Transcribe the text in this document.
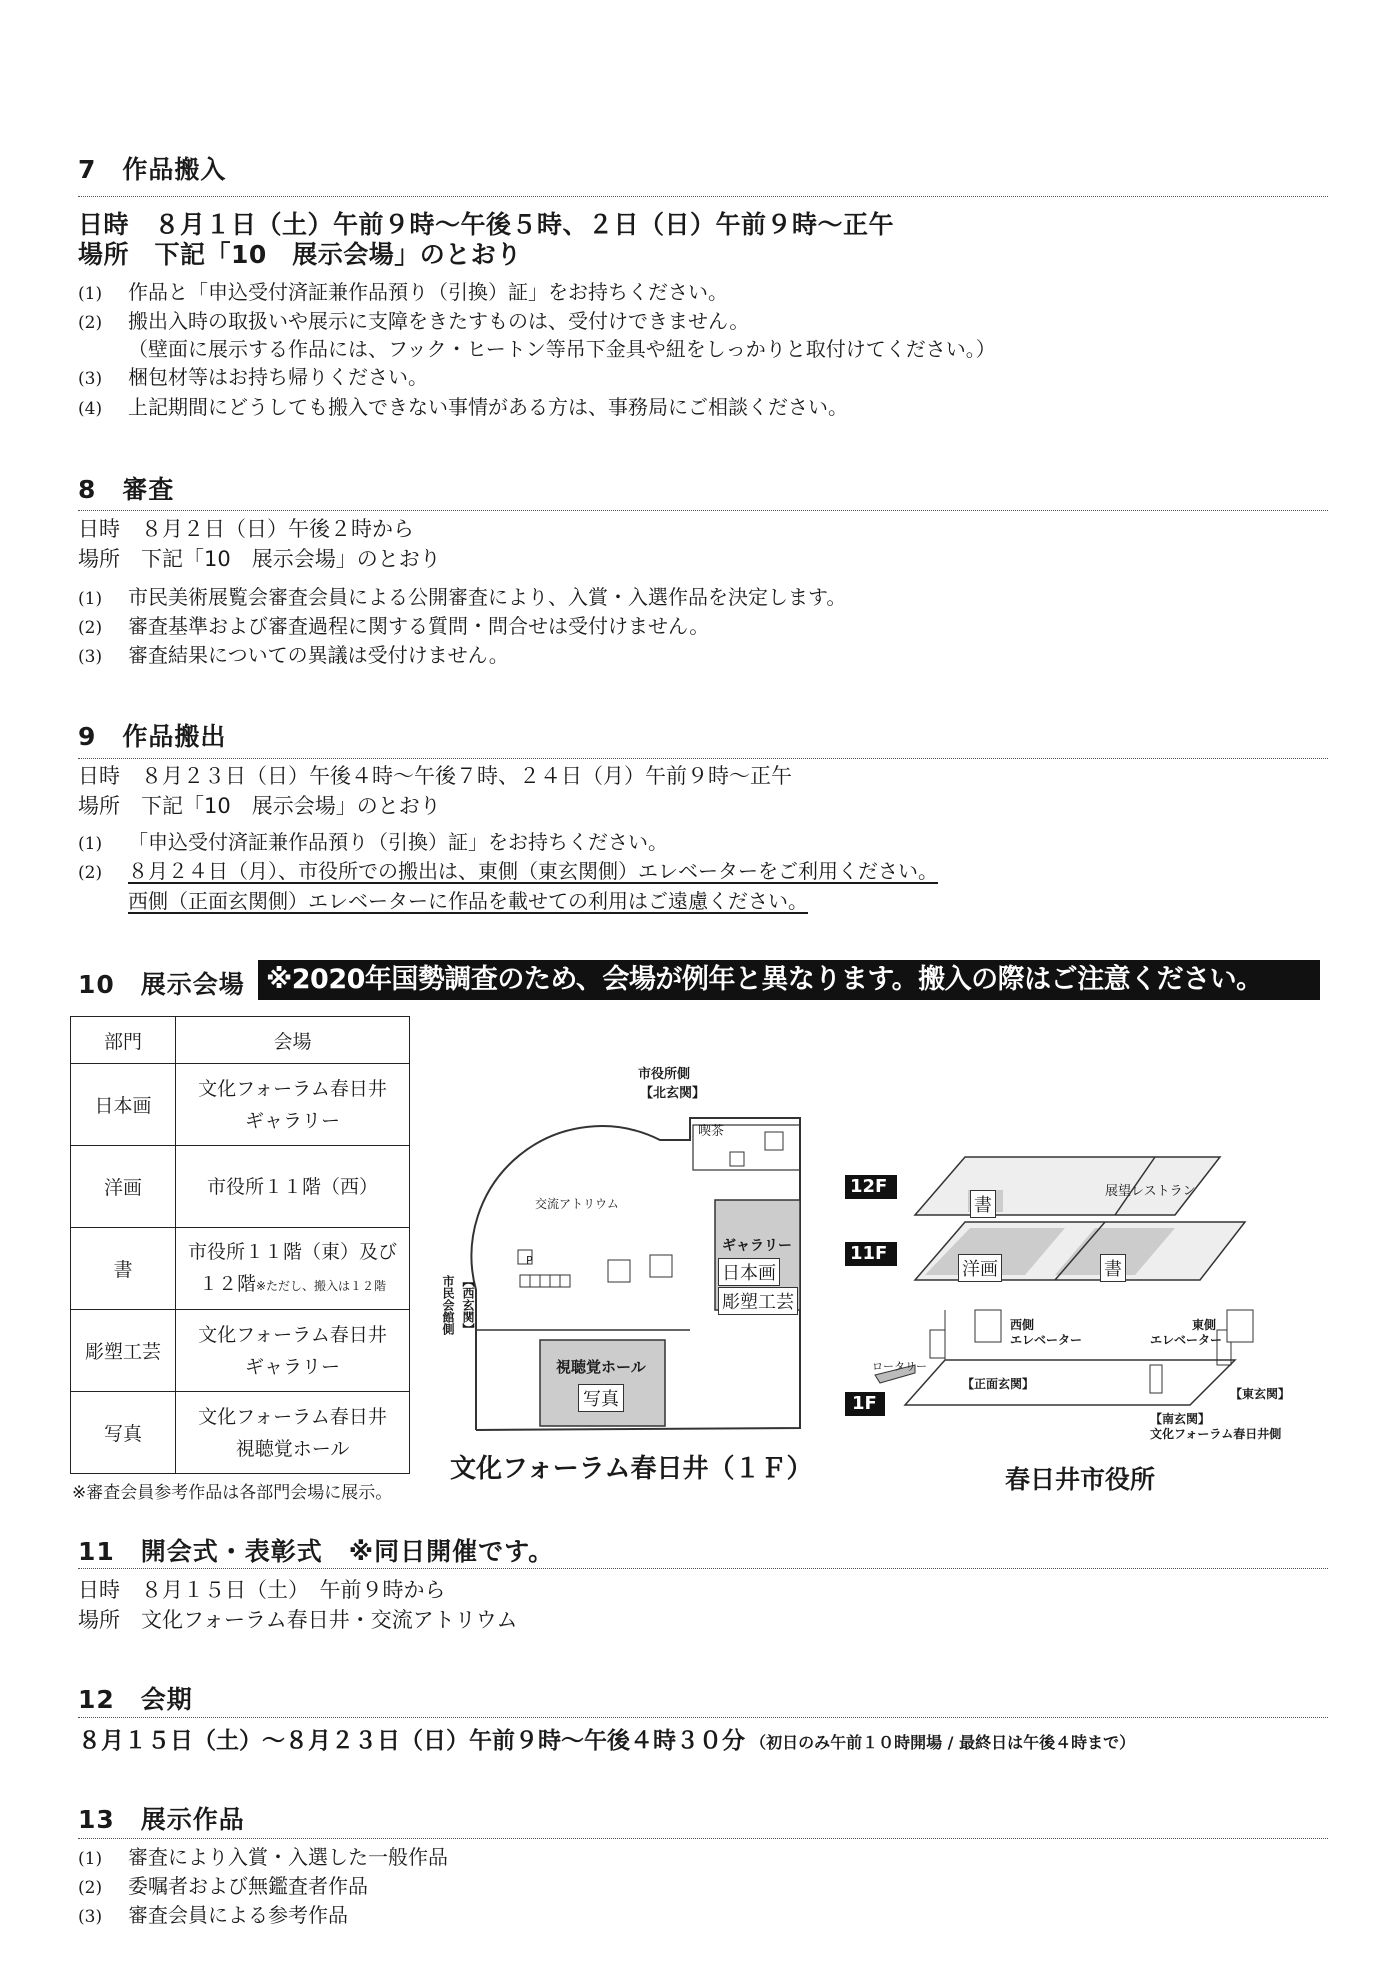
7　作品搬入
日時　８月１日（土）午前９時～午後５時、２日（日）午前９時～正午
場所　下記「10　展示会場」のとおり
(1) 作品と「申込受付済証兼作品預り（引換）証」をお持ちください。
(2) 搬出入時の取扱いや展示に支障をきたすものは、受付けできません。
（壁面に展示する作品には、フック・ヒートン等吊下金具や紐をしっかりと取付けてください。）
(3) 梱包材等はお持ち帰りください。
(4) 上記期間にどうしても搬入できない事情がある方は、事務局にご相談ください。
8　審査
日時　８月２日（日）午後２時から
場所　下記「10　展示会場」のとおり
(1) 市民美術展覧会審査会員による公開審査により、入賞・入選作品を決定します。
(2) 審査基準および審査過程に関する質問・問合せは受付けません。
(3) 審査結果についての異議は受付けません。
9　作品搬出
日時　８月２３日（日）午後４時～午後７時、２４日（月）午前９時～正午
場所　下記「10　展示会場」のとおり
(1) 「申込受付済証兼作品預り（引換）証」をお持ちください。
(2) ８月２４日（月）、市役所での搬出は、東側（東玄関側）エレベーターをご利用ください。
西側（正面玄関側）エレベーターに作品を載せての利用はご遠慮ください。
10　展示会場 ※2020年国勢調査のため、会場が例年と異なります。搬入の際はご注意ください。
部門	会場
日本画	文化フォーラム春日井
ギャラリー
洋画	市役所１１階（西）
書	市役所１１階（東）及び
１２階※ただし、搬入は１２階
彫塑工芸	文化フォーラム春日井
ギャラリー
写真	文化フォーラム春日井
視聴覚ホール
※審査会員参考作品は各部門会場に展示。
市役所側
【北玄関】
喫茶
交流アトリウム
P
【西玄関】
市民会館側
ギャラリー
日本画
彫塑工芸
視聴覚ホール
写真
文化フォーラム春日井（１Ｆ）
12F
11F
1F
書
展望レストラン
洋画	書
西側
エレベーター
東側
エレベーター
ロータリー
【正面玄関】
【東玄関】
【南玄関】
文化フォーラム春日井側
春日井市役所
11　開会式・表彰式　※同日開催です。
日時　８月１５日（土）　午前９時から
場所　文化フォーラム春日井・交流アトリウム
12　会期
８月１５日（土）～８月２３日（日）午前９時～午後４時３０分 （初日のみ午前１０時開場 / 最終日は午後４時まで）
13　展示作品
(1) 審査により入賞・入選した一般作品
(2) 委嘱者および無鑑査者作品
(3) 審査会員による参考作品
